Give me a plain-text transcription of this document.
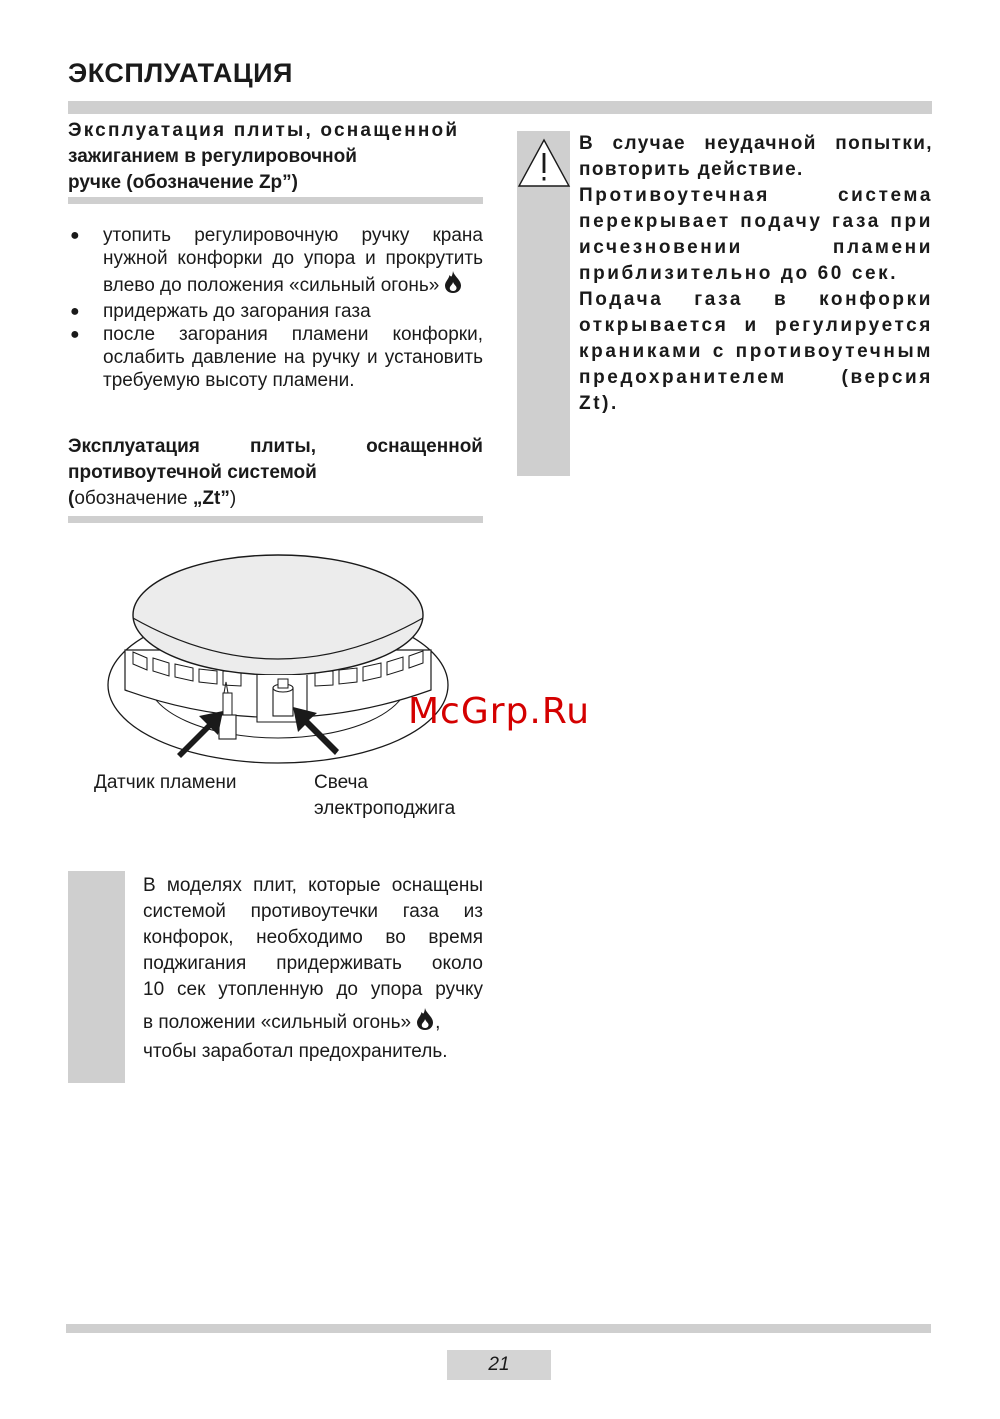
ЭКСПЛУАТАЦИЯ
Эксплуатация плиты, оснащенной
зажиганием в регулировочной
ручке (обозначение Zp”)
●	утопить регулировочную ручку крана нужной конфорки до упора и прокрутить влево до положения «сильный огонь»
●	придержать до загорания газа
●	после загорания пламени конфорки, ослабить давление на ручку и установить требуемую высоту пламени.
Эксплуатация плиты, оснащенной
противоутечной системой
(обозначение „Zt”)

В случае неудачной попытки, повторить действие.

Противоутечная система перекрывает подачу газа при исчезновении пламени приблизительно до 60 сек.

Подача газа в конфорки открывается и регулируется краниками с противоутечным предохранителем (версия Zt).

Датчик пламени	Свеча
электроподжига
McGrp.Ru
В моделях плит, которые оснащены
системой противоутечки газа из
конфорок, необходимо во время
поджигания придерживать около
10 сек утопленную до упора ручку
в положении «сильный огонь» ,
чтобы заработал предохранитель.
21
